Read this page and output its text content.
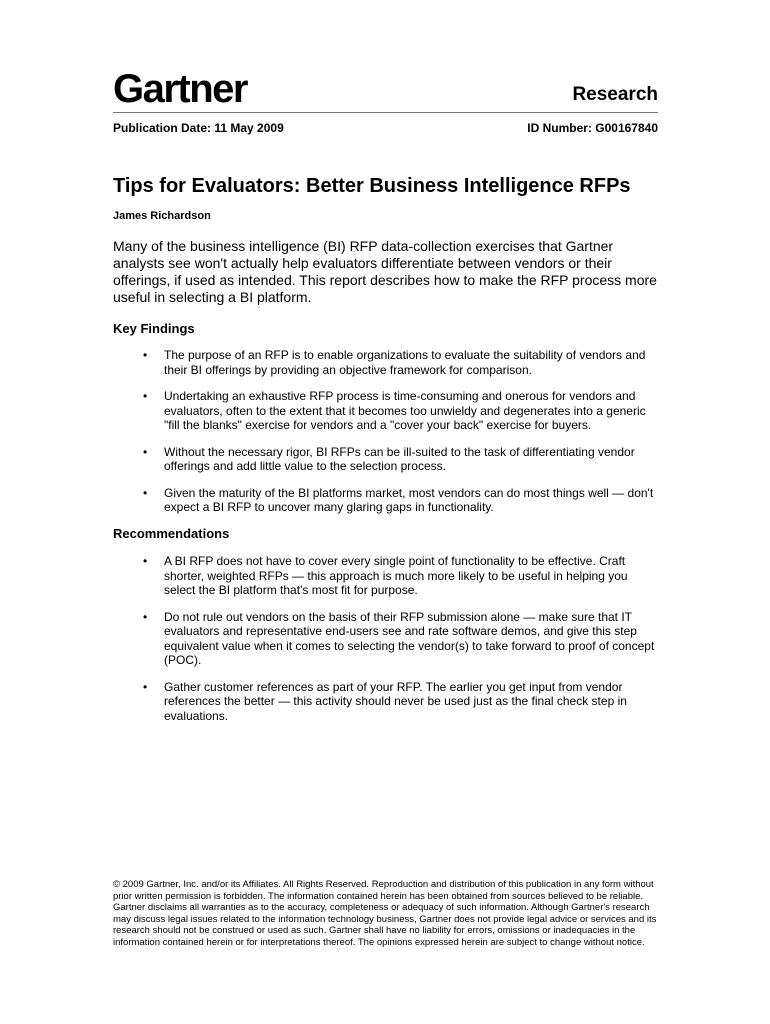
Gartner	Research
Publication Date: 11 May 2009	ID Number: G00167840
Tips for Evaluators: Better Business Intelligence RFPs
James Richardson

Many of the business intelligence (BI) RFP data-collection exercises that Gartner analysts see won't actually help evaluators differentiate between vendors or their offerings, if used as intended. This report describes how to make the RFP process more useful in selecting a BI platform.

Key Findings
• The purpose of an RFP is to enable organizations to evaluate the suitability of vendors and their BI offerings by providing an objective framework for comparison.
• Undertaking an exhaustive RFP process is time-consuming and onerous for vendors and evaluators, often to the extent that it becomes too unwieldy and degenerates into a generic "fill the blanks" exercise for vendors and a "cover your back" exercise for buyers.
• Without the necessary rigor, BI RFPs can be ill-suited to the task of differentiating vendor offerings and add little value to the selection process.
• Given the maturity of the BI platforms market, most vendors can do most things well — don't expect a BI RFP to uncover many glaring gaps in functionality.
Recommendations
• A BI RFP does not have to cover every single point of functionality to be effective. Craft shorter, weighted RFPs — this approach is much more likely to be useful in helping you select the BI platform that's most fit for purpose.
• Do not rule out vendors on the basis of their RFP submission alone — make sure that IT evaluators and representative end-users see and rate software demos, and give this step equivalent value when it comes to selecting the vendor(s) to take forward to proof of concept (POC).
• Gather customer references as part of your RFP. The earlier you get input from vendor references the better — this activity should never be used just as the final check step in evaluations.

© 2009 Gartner, Inc. and/or its Affiliates. All Rights Reserved. Reproduction and distribution of this publication in any form without prior written permission is forbidden. The information contained herein has been obtained from sources believed to be reliable. Gartner disclaims all warranties as to the accuracy, completeness or adequacy of such information. Although Gartner's research may discuss legal issues related to the information technology business, Gartner does not provide legal advice or services and its research should not be construed or used as such. Gartner shall have no liability for errors, omissions or inadequacies in the information contained herein or for interpretations thereof. The opinions expressed herein are subject to change without notice.
